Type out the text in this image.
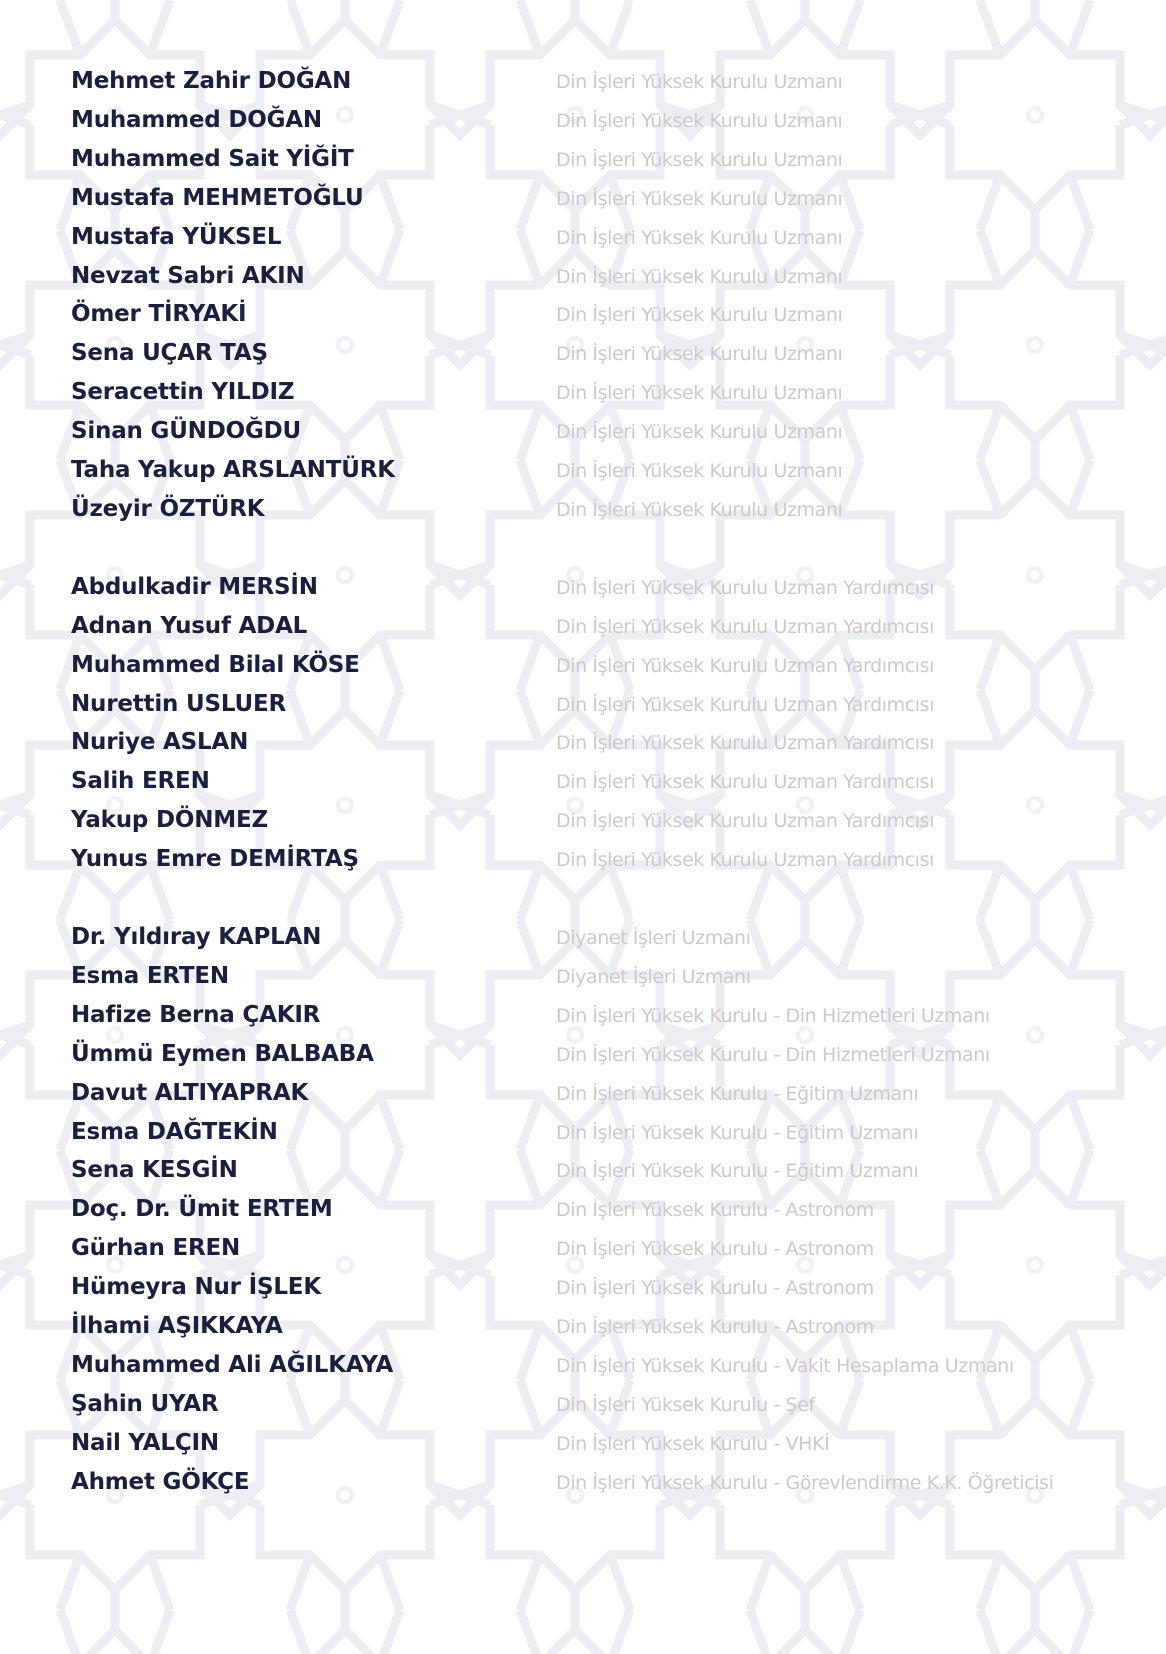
Mehmet Zahir DOĞAN	Din İşleri Yüksek Kurulu Uzmanı
Muhammed DOĞAN	Din İşleri Yüksek Kurulu Uzmanı
Muhammed Sait YİĞİT	Din İşleri Yüksek Kurulu Uzmanı
Mustafa MEHMETOĞLU	Din İşleri Yüksek Kurulu Uzmanı
Mustafa YÜKSEL	Din İşleri Yüksek Kurulu Uzmanı
Nevzat Sabri AKIN	Din İşleri Yüksek Kurulu Uzmanı
Ömer TİRYAKİ	Din İşleri Yüksek Kurulu Uzmanı
Sena UÇAR TAŞ	Din İşleri Yüksek Kurulu Uzmanı
Seracettin YILDIZ	Din İşleri Yüksek Kurulu Uzmanı
Sinan GÜNDOĞDU	Din İşleri Yüksek Kurulu Uzmanı
Taha Yakup ARSLANTÜRK	Din İşleri Yüksek Kurulu Uzmanı
Üzeyir ÖZTÜRK	Din İşleri Yüksek Kurulu Uzmanı
Abdulkadir MERSİN	Din İşleri Yüksek Kurulu Uzman Yardımcısı
Adnan Yusuf ADAL	Din İşleri Yüksek Kurulu Uzman Yardımcısı
Muhammed Bilal KÖSE	Din İşleri Yüksek Kurulu Uzman Yardımcısı
Nurettin USLUER	Din İşleri Yüksek Kurulu Uzman Yardımcısı
Nuriye ASLAN	Din İşleri Yüksek Kurulu Uzman Yardımcısı
Salih EREN	Din İşleri Yüksek Kurulu Uzman Yardımcısı
Yakup DÖNMEZ	Din İşleri Yüksek Kurulu Uzman Yardımcısı
Yunus Emre DEMİRTAŞ	Din İşleri Yüksek Kurulu Uzman Yardımcısı
Dr. Yıldıray KAPLAN	Diyanet İşleri Uzmanı
Esma ERTEN	Diyanet İşleri Uzmanı
Hafize Berna ÇAKIR	Din İşleri Yüksek Kurulu - Din Hizmetleri Uzmanı
Ümmü Eymen BALBABA	Din İşleri Yüksek Kurulu - Din Hizmetleri Uzmanı
Davut ALTIYAPRAK	Din İşleri Yüksek Kurulu - Eğitim Uzmanı
Esma DAĞTEKİN	Din İşleri Yüksek Kurulu - Eğitim Uzmanı
Sena KESGİN	Din İşleri Yüksek Kurulu - Eğitim Uzmanı
Doç. Dr. Ümit ERTEM	Din İşleri Yüksek Kurulu - Astronom
Gürhan EREN	Din İşleri Yüksek Kurulu - Astronom
Hümeyra Nur İŞLEK	Din İşleri Yüksek Kurulu - Astronom
İlhami AŞIKKAYA	Din İşleri Yüksek Kurulu - Astronom
Muhammed Ali AĞILKAYA	Din İşleri Yüksek Kurulu - Vakit Hesaplama Uzmanı
Şahin UYAR	Din İşleri Yüksek Kurulu - Şef
Nail YALÇIN	Din İşleri Yüksek Kurulu - VHKİ
Ahmet GÖKÇE	Din İşleri Yüksek Kurulu - Görevlendirme K.K. Öğreticisi
